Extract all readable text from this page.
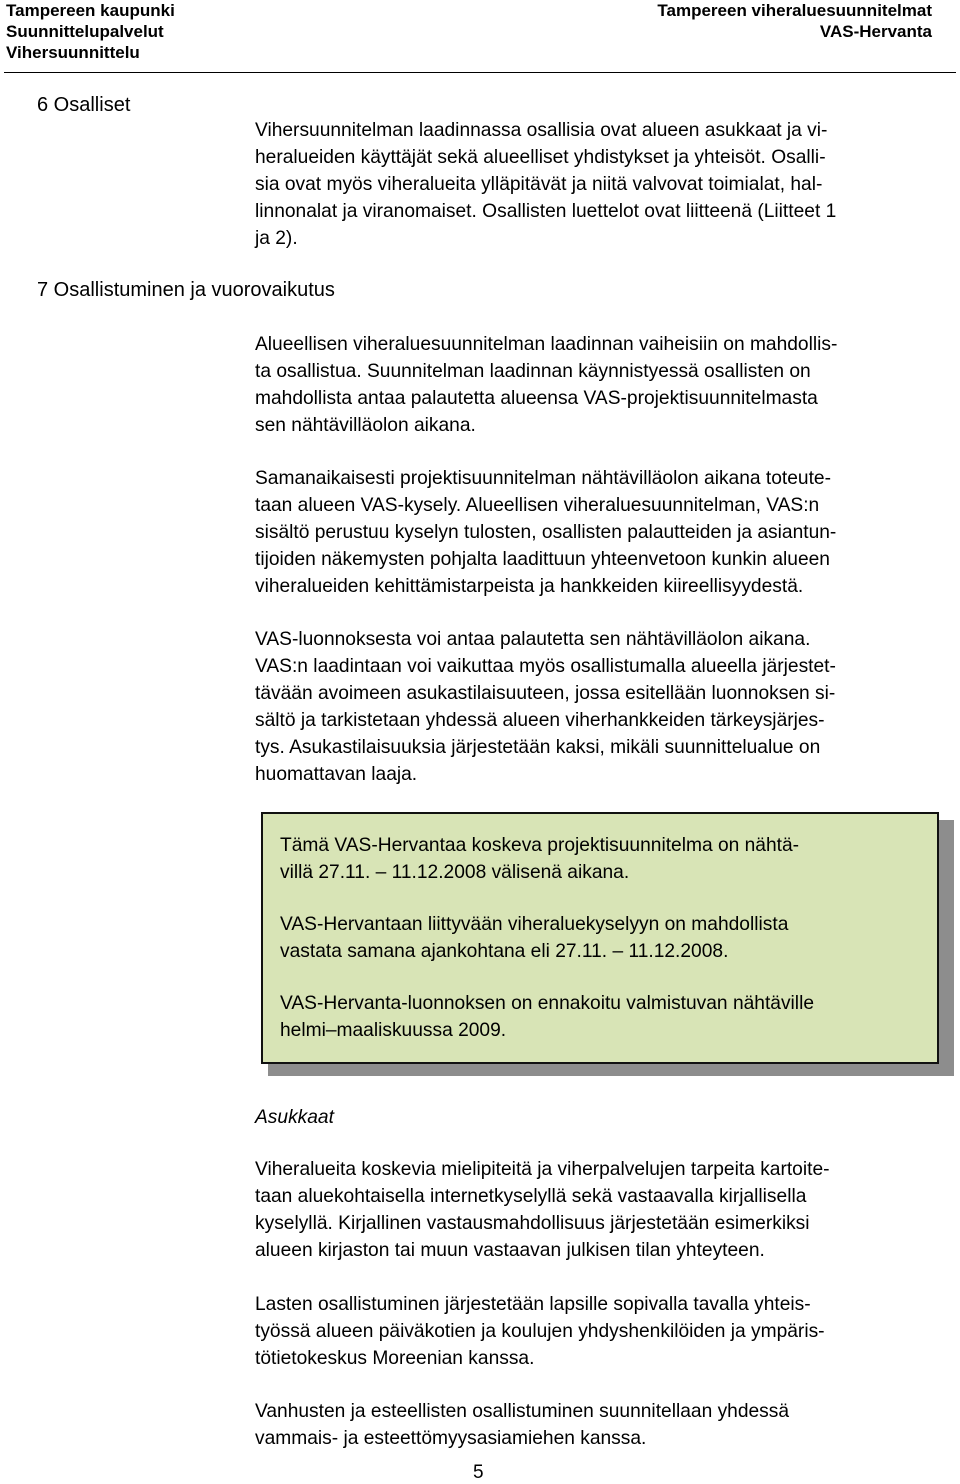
Tampereen kaupunki
Suunnittelupalvelut
Vihersuunnittelu
Tampereen viheraluesuunnitelmat
VAS-Hervanta
6 Osalliset

Vihersuunnitelman laadinnassa osallisia ovat alueen asukkaat ja vi-
heralueiden käyttäjät sekä alueelliset yhdistykset ja yhteisöt. Osalli-
sia ovat myös viheralueita ylläpitävät ja niitä valvovat toimialat, hal-
linnonalat ja viranomaiset. Osallisten luettelot ovat liitteenä (Liitteet 1
ja 2).

7 Osallistuminen ja vuorovaikutus

Alueellisen viheraluesuunnitelman laadinnan vaiheisiin on mahdollis-
ta osallistua. Suunnitelman laadinnan käynnistyessä osallisten on
mahdollista antaa palautetta alueensa VAS-projektisuunnitelmasta
sen nähtävilläolon aikana.

Samanaikaisesti projektisuunnitelman nähtävilläolon aikana toteute-
taan alueen VAS-kysely. Alueellisen viheraluesuunnitelman, VAS:n
sisältö perustuu kyselyn tulosten, osallisten palautteiden ja asiantun-
tijoiden näkemysten pohjalta laadittuun yhteenvetoon kunkin alueen
viheralueiden kehittämistarpeista ja hankkeiden kiireellisyydestä.

VAS-luonnoksesta voi antaa palautetta sen nähtävilläolon aikana.
VAS:n laadintaan voi vaikuttaa myös osallistumalla alueella järjestet-
tävään avoimeen asukastilaisuuteen, jossa esitellään luonnoksen si-
sältö ja tarkistetaan yhdessä alueen viherhankkeiden tärkeysjärjes-
tys. Asukastilaisuuksia järjestetään kaksi, mikäli suunnittelualue on
huomattavan laaja.

Tämä VAS-Hervantaa koskeva projektisuunnitelma on nähtä-
villä 27.11. – 11.12.2008 välisenä aikana.

VAS-Hervantaan liittyvään viheraluekyselyyn on mahdollista
vastata samana ajankohtana eli 27.11. – 11.12.2008.

VAS-Hervanta-luonnoksen on ennakoitu valmistuvan nähtäville
helmi–maaliskuussa 2009.

Asukkaat

Viheralueita koskevia mielipiteitä ja viherpalvelujen tarpeita kartoite-
taan aluekohtaisella internetkyselyllä sekä vastaavalla kirjallisella
kyselyllä. Kirjallinen vastausmahdollisuus järjestetään esimerkiksi
alueen kirjaston tai muun vastaavan julkisen tilan yhteyteen.

Lasten osallistuminen järjestetään lapsille sopivalla tavalla yhteis-
työssä alueen päiväkotien ja koulujen yhdyshenkilöiden ja ympäris-
tötietokeskus Moreenian kanssa.

Vanhusten ja esteellisten osallistuminen suunnitellaan yhdessä
vammais- ja esteettömyysasiamiehen kanssa.

5
